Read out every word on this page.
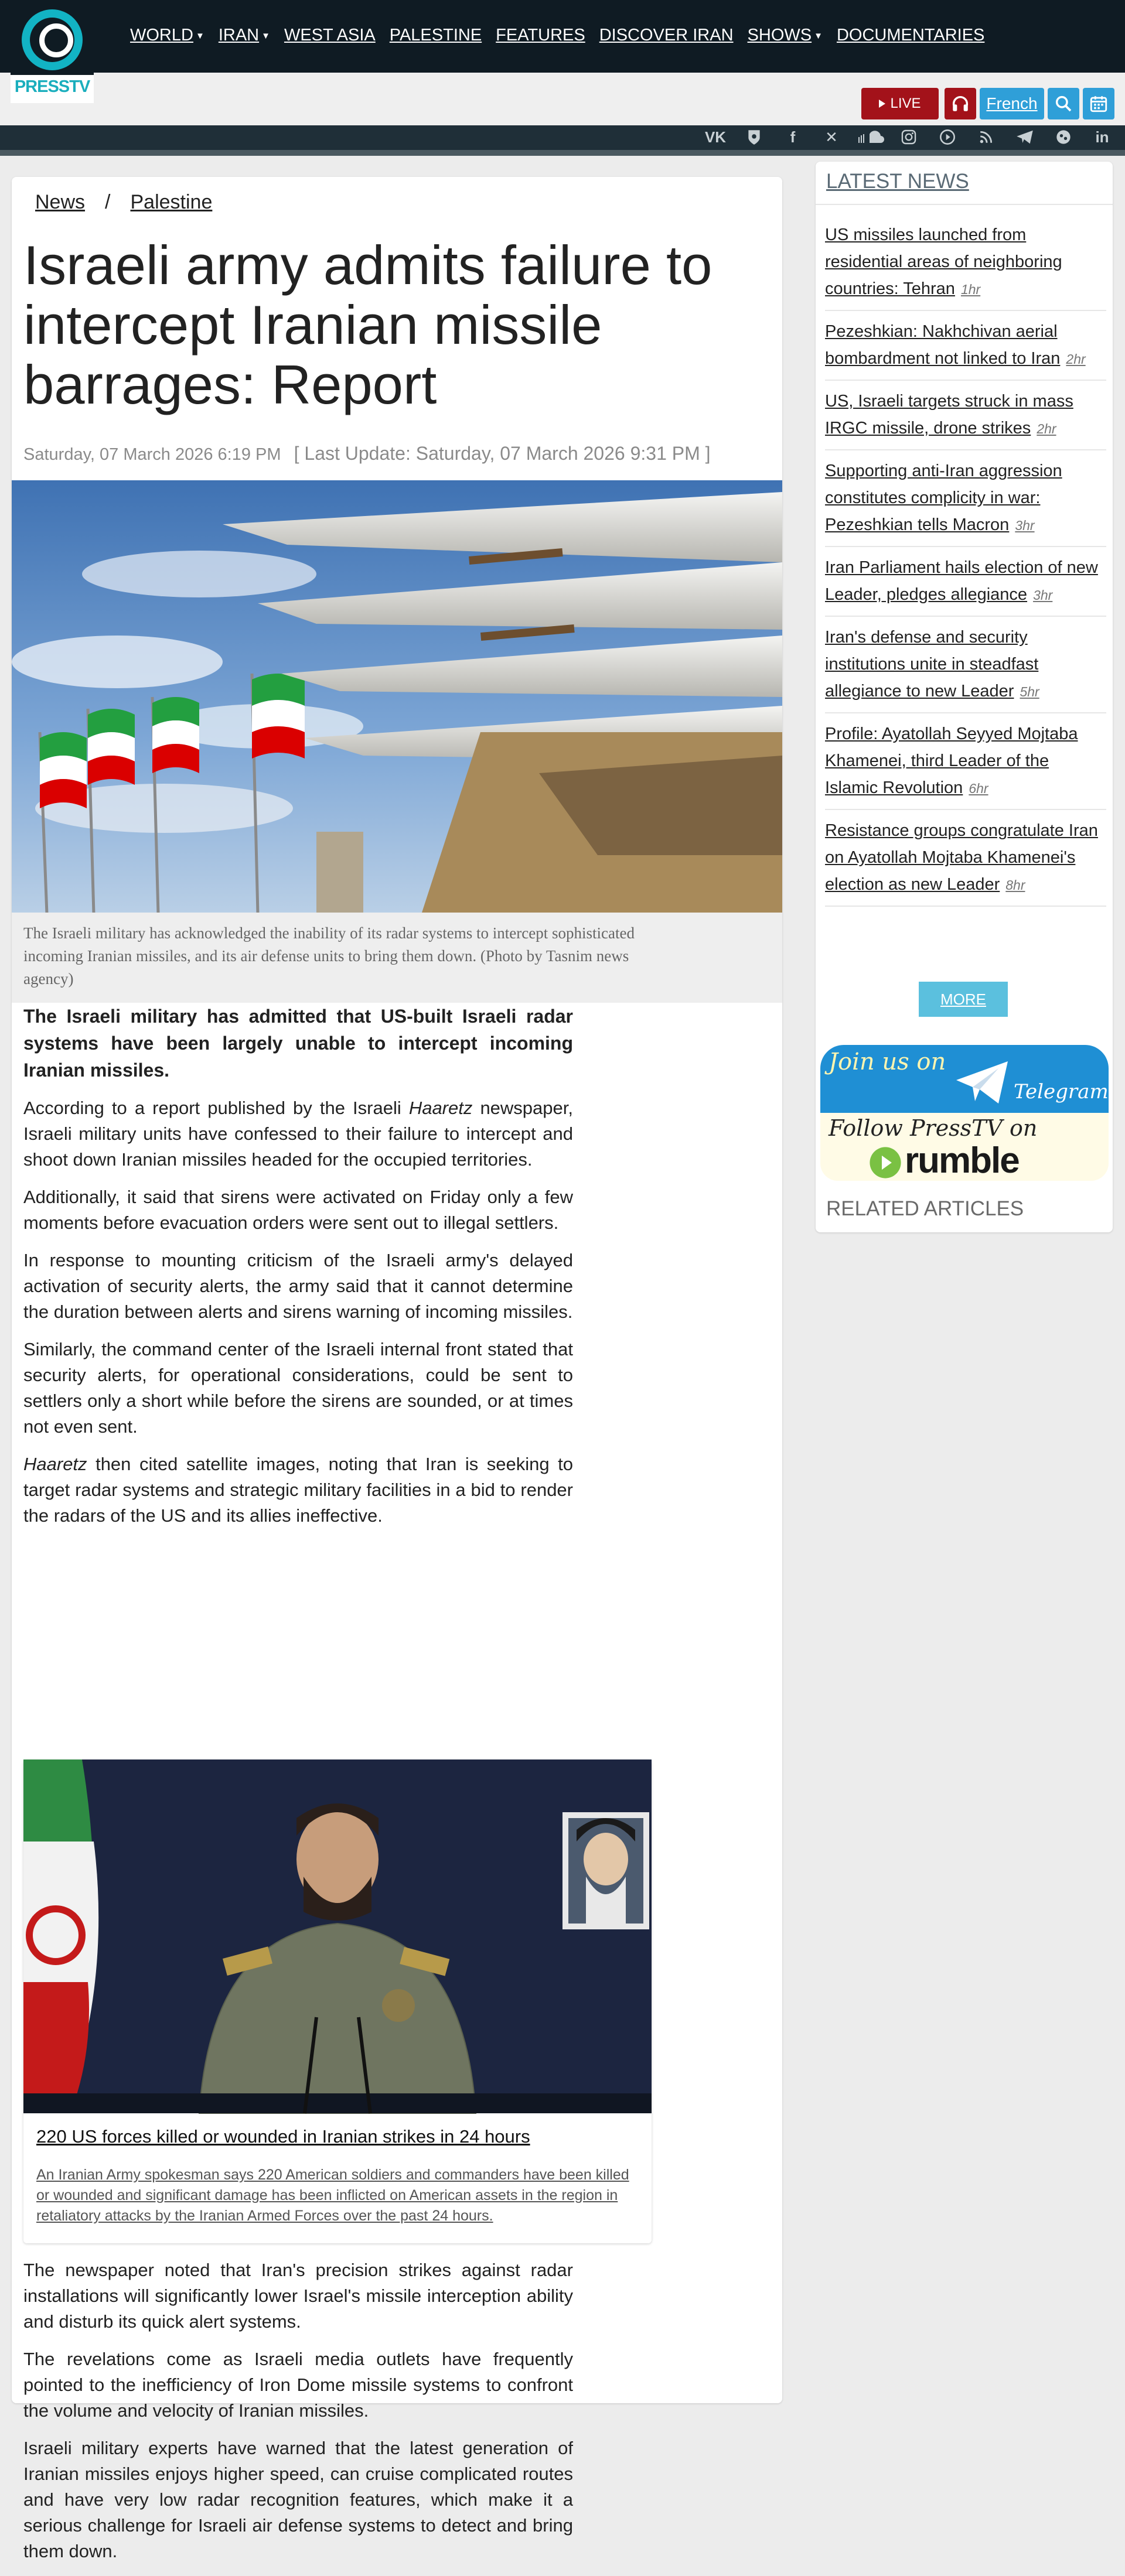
PRESSTV
WORLD ▼ IRAN ▼ WEST ASIA PALESTINE FEATURES DISCOVER IRAN SHOWS ▼ DOCUMENTARIES
LIVE	French
VK	f	✕	in
News / Palestine
Israeli army admits failure to intercept Iranian missile barrages: Report
Saturday, 07 March 2026 6:19 PM [ Last Update: Saturday, 07 March 2026 9:31 PM ]
The Israeli military has acknowledged the inability of its radar systems to intercept sophisticated incoming Iranian missiles, and its air defense units to bring them down. (Photo by Tasnim news agency)

The Israeli military has admitted that US-built Israeli radar systems have been largely unable to intercept incoming Iranian missiles.

According to a report published by the Israeli Haaretz newspaper, Israeli military units have confessed to their failure to intercept and shoot down Iranian missiles headed for the occupied territories.

Additionally, it said that sirens were activated on Friday only a few moments before evacuation orders were sent out to illegal settlers.

In response to mounting criticism of the Israeli army's delayed activation of security alerts, the army said that it cannot determine the duration between alerts and sirens warning of incoming missiles.

Similarly, the command center of the Israeli internal front stated that security alerts, for operational considerations, could be sent to settlers only a short while before the sirens are sounded, or at times not even sent.

Haaretz then cited satellite images, noting that Iran is seeking to target radar systems and strategic military facilities in a bid to render the radars of the US and its allies ineffective.

220 US forces killed or wounded in Iranian strikes in 24 hours
An Iranian Army spokesman says 220 American soldiers and commanders have been killed or wounded and significant damage has been inflicted on American assets in the region in retaliatory attacks by the Iranian Armed Forces over the past 24 hours.

The newspaper noted that Iran's precision strikes against radar installations will significantly lower Israel's missile interception ability and disturb its quick alert systems.

The revelations come as Israeli media outlets have frequently pointed to the inefficiency of Iron Dome missile systems to confront the volume and velocity of Iranian missiles.

Israeli military experts have warned that the latest generation of Iranian missiles enjoys higher speed, can cruise complicated routes and have very low radar recognition features, which make it a serious challenge for Israeli air defense systems to detect and bring them down.

LATEST NEWS
US missiles launched from residential areas of neighboring countries: Tehran 1hr
Pezeshkian: Nakhchivan aerial bombardment not linked to Iran 2hr
US, Israeli targets struck in mass IRGC missile, drone strikes 2hr
Supporting anti-Iran aggression constitutes complicity in war: Pezeshkian tells Macron 3hr
Iran Parliament hails election of new Leader, pledges allegiance 3hr
Iran's defense and security institutions unite in steadfast allegiance to new Leader 5hr
Profile: Ayatollah Seyyed Mojtaba Khamenei, third Leader of the Islamic Revolution 6hr
Resistance groups congratulate Iran on Ayatollah Mojtaba Khamenei's election as new Leader 8hr
MORE
Join us on
Telegram
Follow PressTV on
rumble
RELATED ARTICLES
